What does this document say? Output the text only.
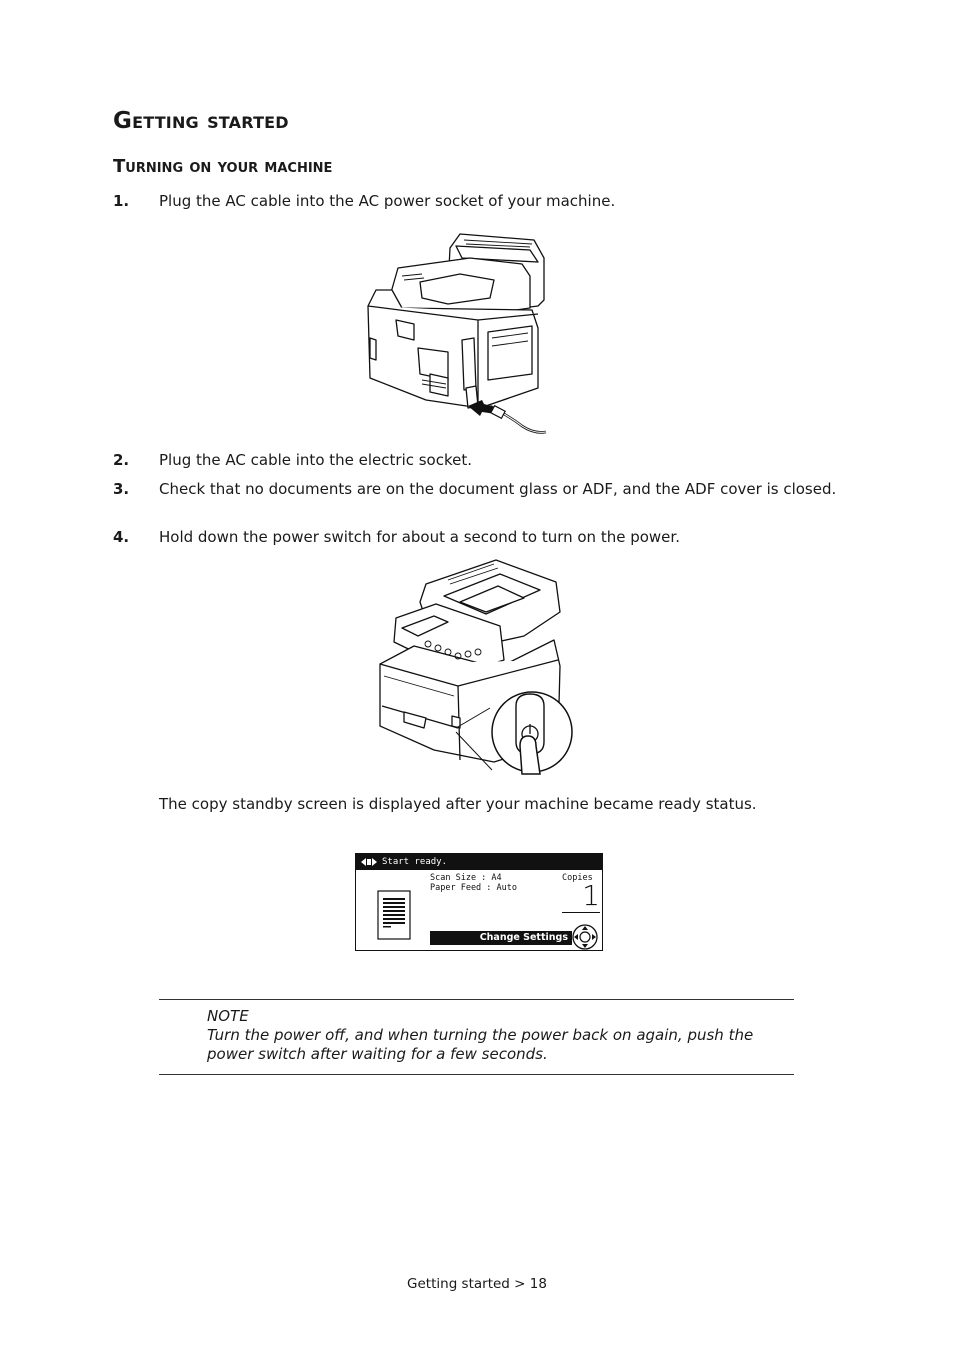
Getting started
Turning on your machine
1. Plug the AC cable into the AC power socket of your machine.
2. Plug the AC cable into the electric socket.
3. Check that no documents are on the document glass or ADF, and the ADF cover is closed.
4. Hold down the power switch for about a second to turn on the power.
The copy standby screen is displayed after your machine became ready status.
Start ready.
Scan Size : A4
Paper Feed : Auto
Copies
1
Change Settings
NOTE
Turn the power off, and when turning the power back on again, push the power switch after waiting for a few seconds.
Getting started > 18
